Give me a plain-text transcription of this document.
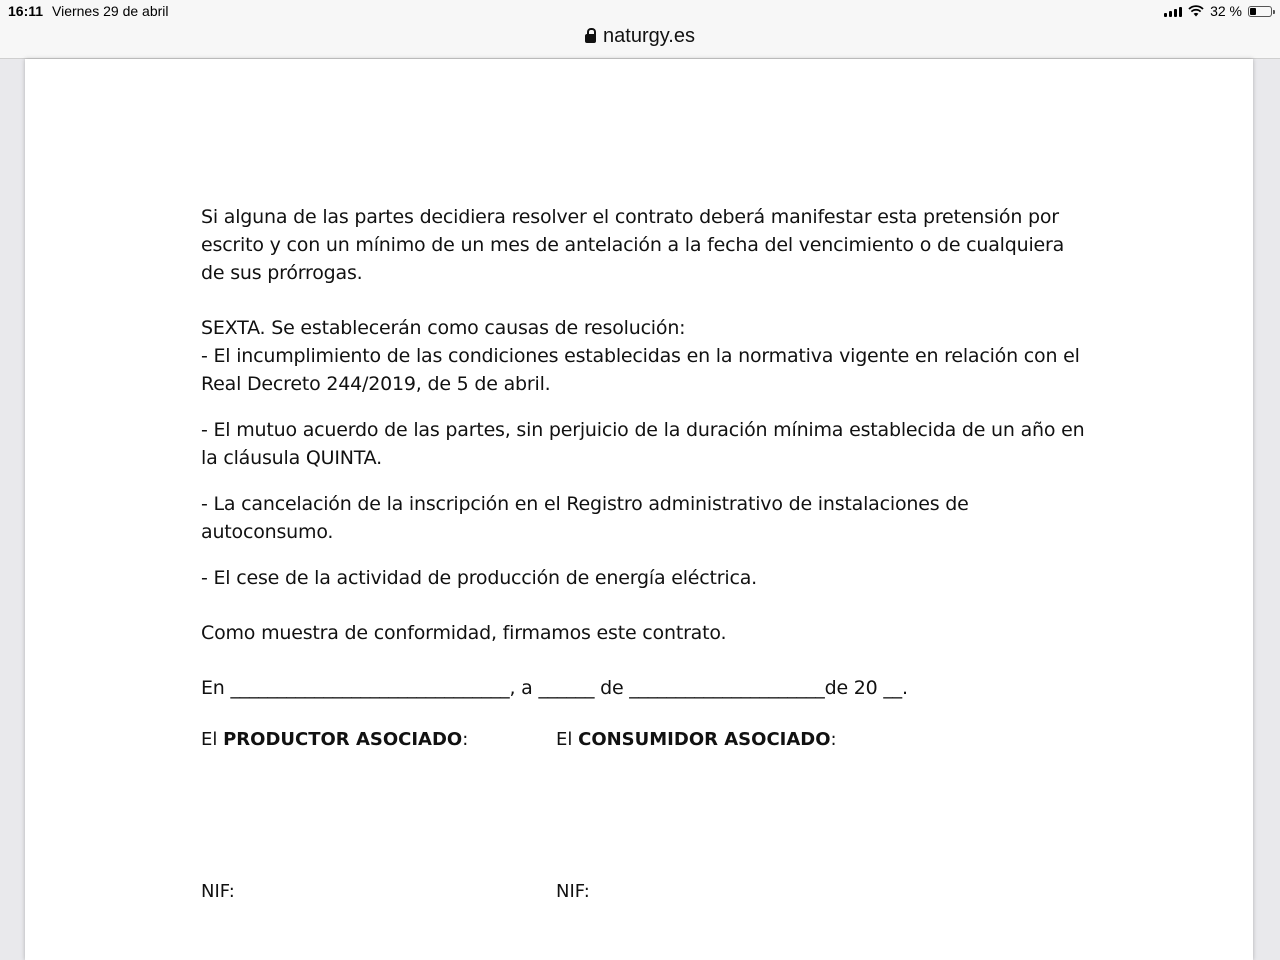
16:11 Viernes 29 de abril	32 %
naturgy.es

Si alguna de las partes decidiera resolver el contrato deberá manifestar esta pretensión por escrito y con un mínimo de un mes de antelación a la fecha del vencimiento o de cualquiera de sus prórrogas.

SEXTA. Se establecerán como causas de resolución:

- El incumplimiento de las condiciones establecidas en la normativa vigente en relación con el Real Decreto 244/2019, de 5 de abril.

- El mutuo acuerdo de las partes, sin perjuicio de la duración mínima establecida de un año en la cláusula QUINTA.

- La cancelación de la inscripción en el Registro administrativo de instalaciones de autoconsumo.

- El cese de la actividad de producción de energía eléctrica.

Como muestra de conformidad, firmamos este contrato.

En ______________________________, a ______ de _____________________de 20 __.

El PRODUCTOR ASOCIADO:	El CONSUMIDOR ASOCIADO:
NIF:	NIF:
